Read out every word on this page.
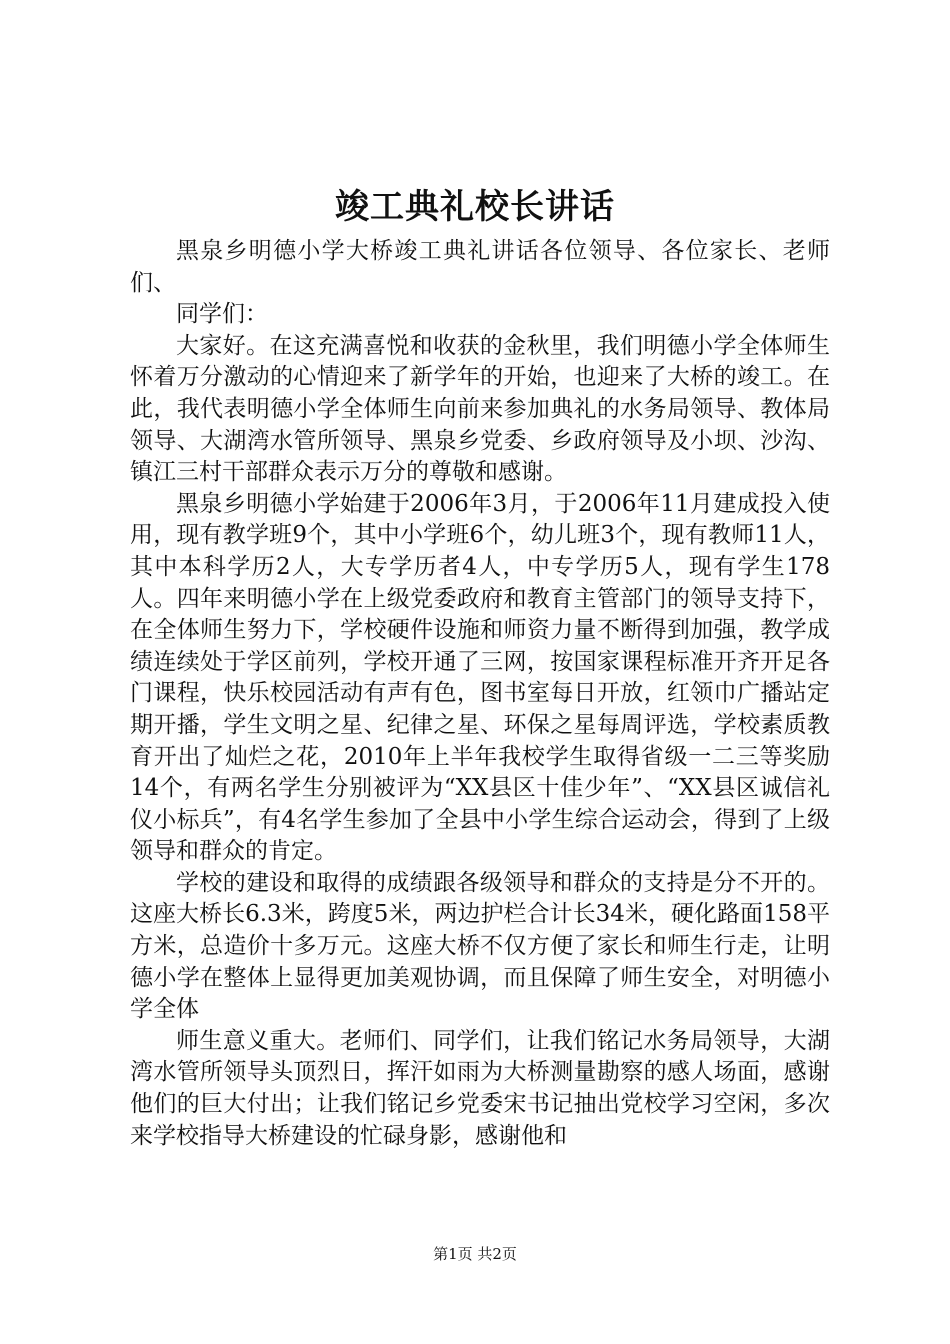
竣工典礼校长讲话

黑泉乡明德小学大桥竣工典礼讲话各位领导、各位家长、老师们、

同学们：

大家好。在这充满喜悦和收获的金秋里，我们明德小学全体师生怀着万分激动的心情迎来了新学年的开始，也迎来了大桥的竣工。在此，我代表明德小学全体师生向前来参加典礼的水务局领导、教体局领导、大湖湾水管所领导、黑泉乡党委、乡政府领导及小坝、沙沟、镇江三村干部群众表示万分的尊敬和感谢。

黑泉乡明德小学始建于2006年3月，于2006年11月建成投入使用，现有教学班9个，其中小学班6个，幼儿班3个，现有教师11人，其中本科学历2人，大专学历者4人，中专学历5人，现有学生178人。四年来明德小学在上级党委政府和教育主管部门的领导支持下，在全体师生努力下，学校硬件设施和师资力量不断得到加强，教学成绩连续处于学区前列，学校开通了三网，按国家课程标准开齐开足各门课程，快乐校园活动有声有色，图书室每日开放，红领巾广播站定期开播，学生文明之星、纪律之星、环保之星每周评选，学校素质教育开出了灿烂之花，2010年上半年我校学生取得省级一二三等奖励14个，有两名学生分别被评为“XX县区十佳少年”、“XX县区诚信礼仪小标兵”，有4名学生参加了全县中小学生综合运动会，得到了上级领导和群众的肯定。

学校的建设和取得的成绩跟各级领导和群众的支持是分不开的。这座大桥长6.3米，跨度5米，两边护栏合计长34米，硬化路面158平方米，总造价十多万元。这座大桥不仅方便了家长和师生行走，让明德小学在整体上显得更加美观协调，而且保障了师生安全，对明德小学全体

师生意义重大。老师们、同学们，让我们铭记水务局领导，大湖湾水管所领导头顶烈日，挥汗如雨为大桥测量勘察的感人场面，感谢他们的巨大付出；让我们铭记乡党委宋书记抽出党校学习空闲，多次来学校指导大桥建设的忙碌身影，感谢他和

第1页 共2页
